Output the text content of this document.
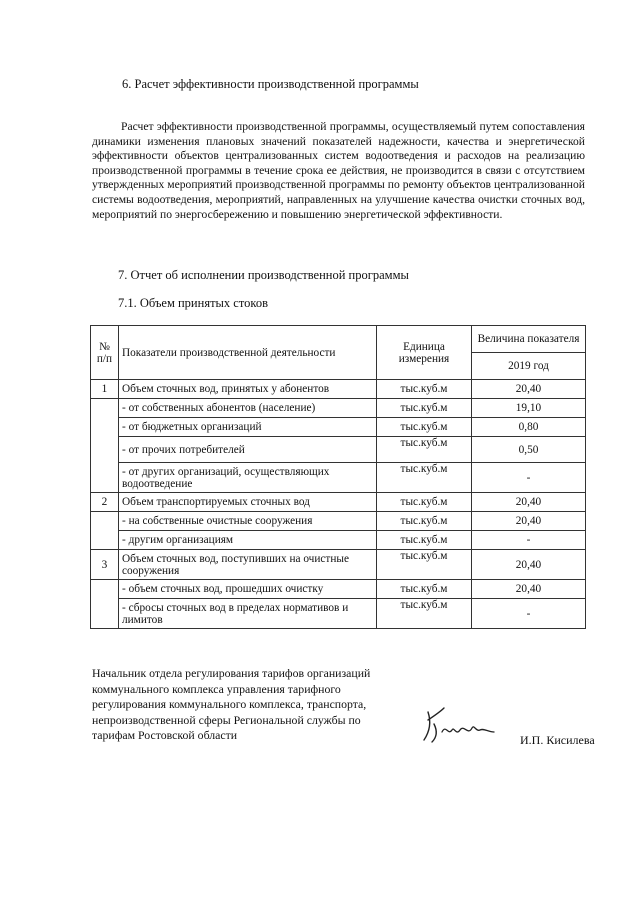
6. Расчет эффективности производственной программы
Расчет эффективности производственной программы, осуществляемый путем сопоставления динамики изменения плановых значений показателей надежности, качества и энергетической эффективности объектов централизованных систем водоотведения и расходов на реализацию производственной программы в течение срока ее действия, не производится в связи с отсутствием утвержденных мероприятий производственной программы по ремонту объектов централизованной системы водоотведения, мероприятий, направленных на улучшение качества очистки сточных вод, мероприятий по энергосбережению и повышению энергетической эффективности.
7. Отчет об исполнении производственной программы
7.1. Объем принятых стоков
№ п/п	Показатели производственной деятельности	Единица измерения	Величина показателя
			2019 год
1	Объем сточных вод, принятых у абонентов	тыс.куб.м	20,40
	- от собственных абонентов (население)	тыс.куб.м	19,10
	- от бюджетных организаций	тыс.куб.м	0,80
	- от прочих потребителей	тыс.куб.м	0,50
	- от других организаций, осуществляющих водоотведение	тыс.куб.м	-
2	Объем транспортируемых сточных вод	тыс.куб.м	20,40
	- на собственные очистные сооружения	тыс.куб.м	20,40
	- другим организациям	тыс.куб.м	-
3	Объем сточных вод, поступивших на очистные сооружения	тыс.куб.м	20,40
	- объем сточных вод, прошедших очистку	тыс.куб.м	20,40
	- сбросы сточных вод в пределах нормативов и лимитов	тыс.куб.м	-
Начальник отдела регулирования тарифов организаций
коммунального комплекса управления тарифного
регулирования коммунального комплекса, транспорта,
непроизводственной сферы Региональной службы по
тарифам Ростовской области	И.П. Кисилева
